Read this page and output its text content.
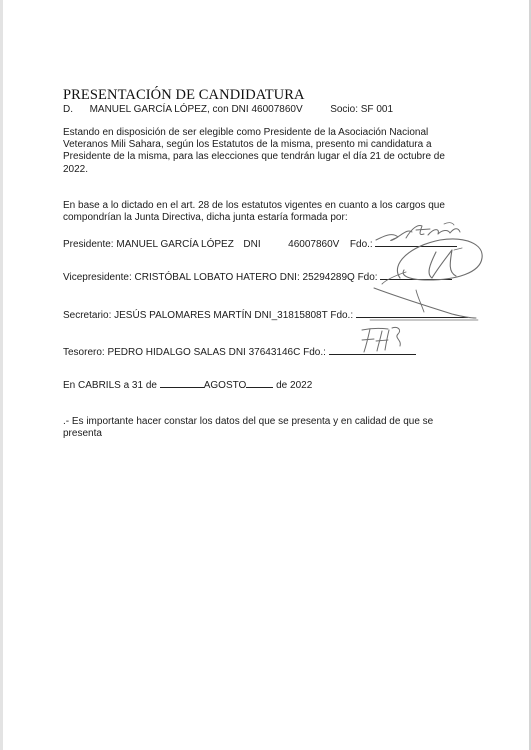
PRESENTACIÓN DE CANDIDATURA
D. MANUEL GARCÍA LÓPEZ, con DNI 46007860V	Socio: SF 001
Estando en disposición de ser elegible como Presidente de la Asociación Nacional
Veteranos Mili Sahara, según los Estatutos de la misma, presento mi candidatura a
Presidente de la misma, para las elecciones que tendrán lugar el día 21 de octubre de
2022.
En base a lo dictado en el art. 28 de los estatutos vigentes en cuanto a los cargos que
compondrían la Junta Directiva, dicha junta estaría formada por:
Presidente: MANUEL GARCÍA LÓPEZ DNI	46007860V Fdo.:
Vicepresidente: CRISTÓBAL LOBATO HATERO DNI: 25294289Q Fdo:
Secretario: JESÚS PALOMARES MARTÍN DNI_31815808T Fdo.:
Tesorero: PEDRO HIDALGO SALAS DNI 37643146C Fdo.:
En CABRILS a 31 de	AGOSTO	de 2022
.- Es importante hacer constar los datos del que se presenta y en calidad de que se
presenta
